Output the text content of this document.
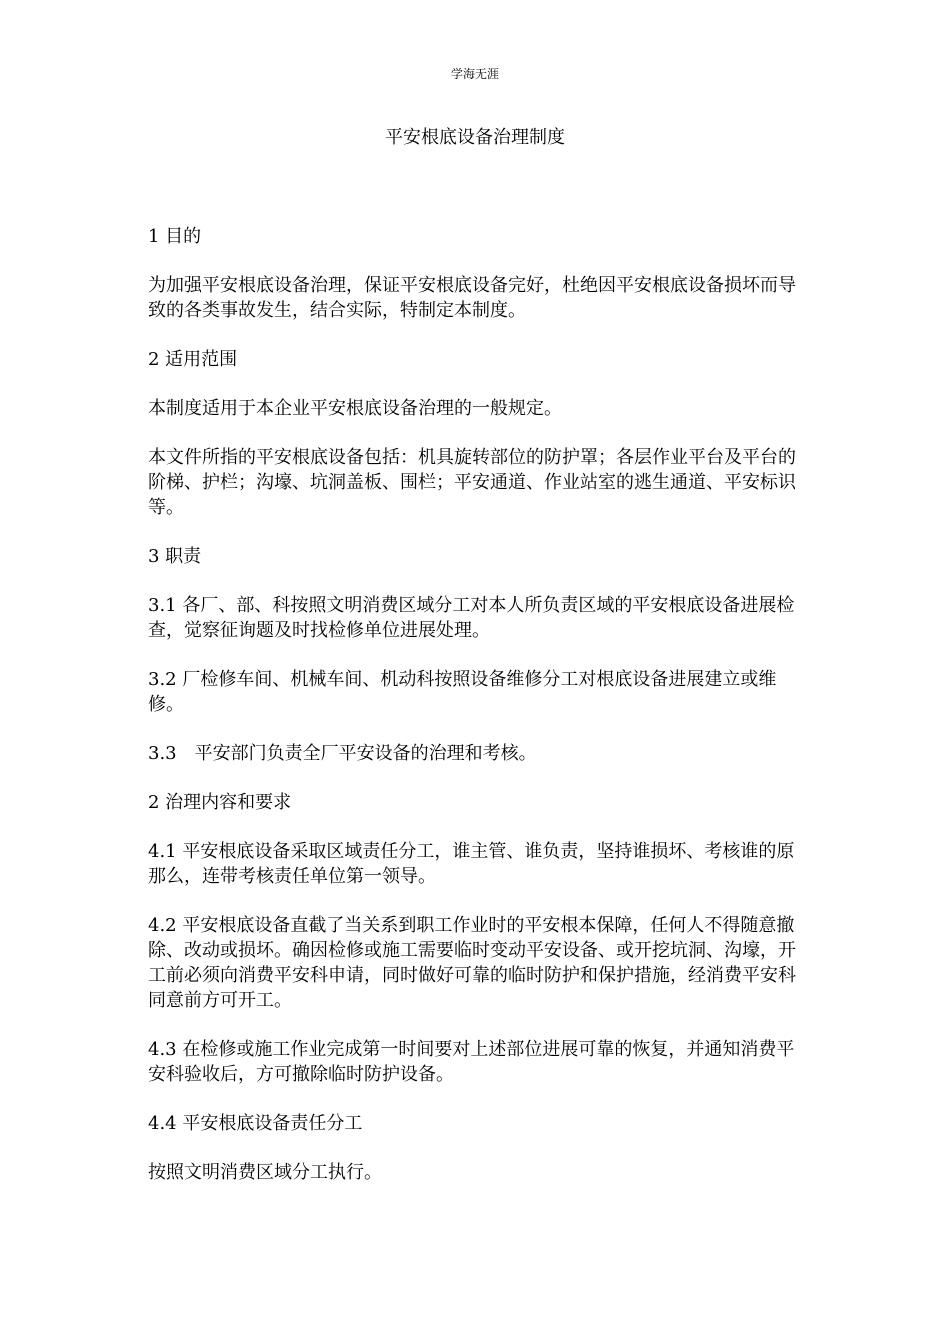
学海无涯
平安根底设备治理制度

1 目的

为加强平安根底设备治理，保证平安根底设备完好，杜绝因平安根底设备损坏而导致的各类事故发生，结合实际，特制定本制度。

2 适用范围

本制度适用于本企业平安根底设备治理的一般规定。

本文件所指的平安根底设备包括：机具旋转部位的防护罩；各层作业平台及平台的阶梯、护栏；沟壕、坑洞盖板、围栏；平安通道、作业站室的逃生通道、平安标识等。

3 职责

3.1 各厂、部、科按照文明消费区域分工对本人所负责区域的平安根底设备进展检查，觉察征询题及时找检修单位进展处理。

3.2 厂检修车间、机械车间、机动科按照设备维修分工对根底设备进展建立或维修。

3.3　平安部门负责全厂平安设备的治理和考核。

2 治理内容和要求

4.1 平安根底设备采取区域责任分工，谁主管、谁负责，坚持谁损坏、考核谁的原那么，连带考核责任单位第一领导。

4.2 平安根底设备直截了当关系到职工作业时的平安根本保障，任何人不得随意撤除、改动或损坏。确因检修或施工需要临时变动平安设备、或开挖坑洞、沟壕，开工前必须向消费平安科申请，同时做好可靠的临时防护和保护措施，经消费平安科同意前方可开工。

4.3 在检修或施工作业完成第一时间要对上述部位进展可靠的恢复，并通知消费平安科验收后，方可撤除临时防护设备。

4.4 平安根底设备责任分工

按照文明消费区域分工执行。
